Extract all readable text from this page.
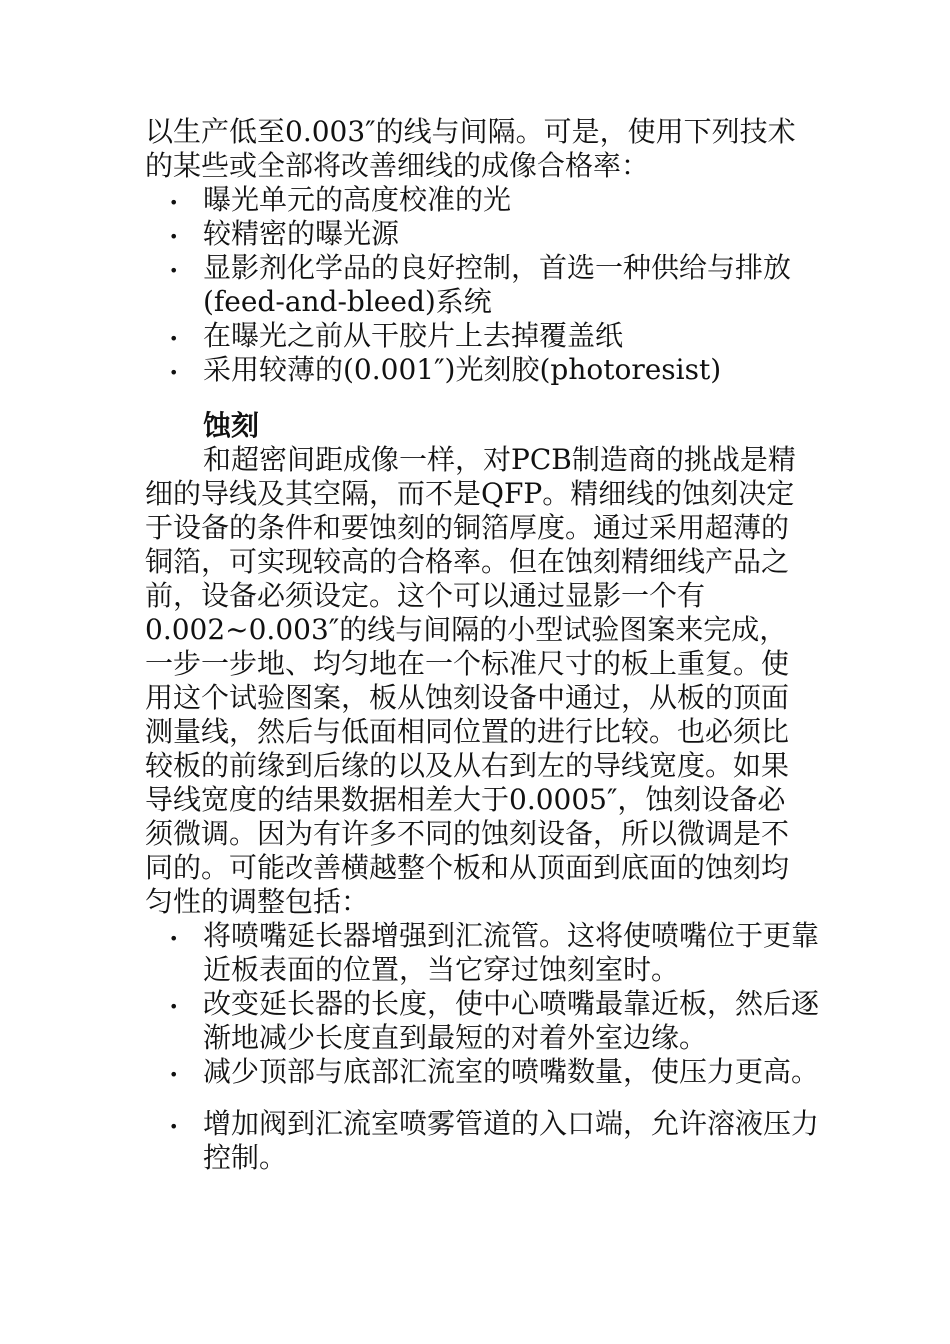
以生产低至0.003″的线与间隔。可是，使用下列技术的某些或全部将改善细线的成像合格率：

• 曝光单元的高度校准的光
• 较精密的曝光源
• 显影剂化学品的良好控制，首选一种供给与排放(feed-and-bleed)系统
• 在曝光之前从干胶片上去掉覆盖纸
• 采用较薄的(0.001″)光刻胶(photoresist)

蚀刻

和超密间距成像一样，对PCB制造商的挑战是精细的导线及其空隔，而不是QFP。精细线的蚀刻决定于设备的条件和要蚀刻的铜箔厚度。通过采用超薄的铜箔，可实现较高的合格率。但在蚀刻精细线产品之前，设备必须设定。这个可以通过显影一个有0.002~0.003″的线与间隔的小型试验图案来完成，一步一步地、均匀地在一个标准尺寸的板上重复。使用这个试验图案，板从蚀刻设备中通过，从板的顶面测量线，然后与低面相同位置的进行比较。也必须比较板的前缘到后缘的以及从右到左的导线宽度。如果导线宽度的结果数据相差大于0.0005″，蚀刻设备必须微调。因为有许多不同的蚀刻设备，所以微调是不同的。可能改善横越整个板和从顶面到底面的蚀刻均匀性的调整包括：

• 将喷嘴延长器增强到汇流管。这将使喷嘴位于更靠近板表面的位置，当它穿过蚀刻室时。
• 改变延长器的长度，使中心喷嘴最靠近板，然后逐渐地减少长度直到最短的对着外室边缘。
• 减少顶部与底部汇流室的喷嘴数量，使压力更高。
• 增加阀到汇流室喷雾管道的入口端，允许溶液压力控制。
